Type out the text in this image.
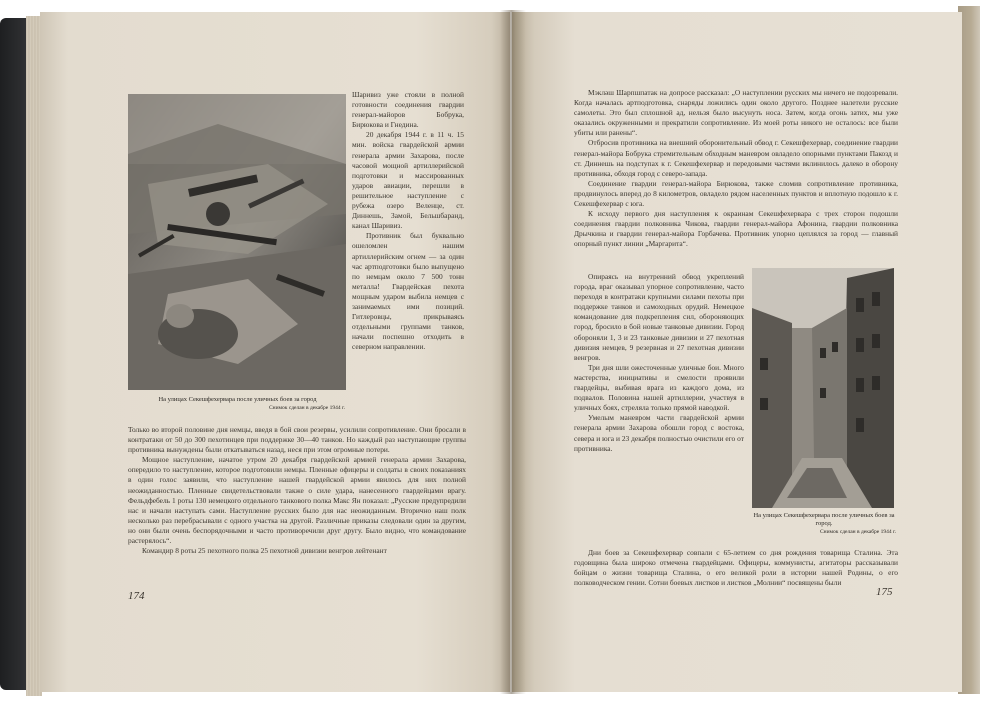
На улицах Секешфехервара после уличных боев за город
Снимок сделан в декабре 1944 г.

Шаривиз уже стояли в полной готовности соединения гвардии генерал-майоров Бобрука, Бирюкова и Гнедина.

20 декабря 1944 г. в 11 ч. 15 мин. войска гвардейской армии генерала армии Захарова, после часовой мощной артиллерийской подготовки и массированных ударов авиации, перешли в решительное наступление с рубежа озеро Веленце, ст. Диннешь, Замой, Бельшбаранд, канал Шаривиз.

Противник был буквально ошеломлен нашим артиллерийским огнем — за один час артподготовки было выпущено по немцам около 7 500 тонн металла! Гвардейская пехота мощным ударом выбила немцев с занимаемых ими позиций. Гитлеровцы, прикрываясь отдельными группами танков, начали поспешно отходить в северном направлении.

Только во второй половине дня немцы, введя в бой свои резервы, усилили сопротивление. Они бросали в контратаки от 50 до 300 пехотинцев при поддержке 30—40 танков. Но каждый раз наступающие группы противника вынуждены были откатываться назад, неся при этом огромные потери.

Мощное наступление, начатое утром 20 декабря гвардейской армией генерала армии Захарова, опередило то наступление, которое подготовили немцы. Пленные офицеры и солдаты в своих показаниях в один голос заявили, что наступление нашей гвардейской армии явилось для них полной неожиданностью. Пленные свидетельствовали также о силе удара, нанесенного гвардейцами врагу. Фельдфебель 1 роты 130 немецкого отдельного танкового полка Макс Ян показал: „Русские предупредили нас и начали наступать сами. Наступление русских было для нас неожиданным. Вторично наш полк несколько раз перебрасывали с одного участка на другой. Различные приказы следовали один за другим, но они были очень беспорядочными и часто противоречили друг другу. Было видно, что командование растерялось“.

Командир 8 роты 25 пехотного полка 25 пехотной дивизии венгров лейтенант

174

Мэкләш Шарпшпатак на допросе рассказал: „О наступлении русских мы ничего не подозревали. Когда началась артподготовка, снаряды ложились один около другого. Позднее налетели русские самолеты. Это был сплошной ад, нельзя было высунуть носа. Затем, когда огонь затих, мы уже оказались окруженными и прекратили сопротивление. Из моей роты никого не осталось: все были убиты или ранены“.

Отбросив противника на внешний оборонительный обвод г. Секешфехервар, соединение гвардии генерал-майора Бобрука стремительным обходным маневром овладело опорными пунктами Пакозд и ст. Диннешь на подступах к г. Секешфехервар и передовыми частями вклинилось далеко в оборону противника, обходя город с северо-запада.

Соединение гвардии генерал-майора Бирюкова, также сломив сопротивление противника, продвинулось вперед до 8 километров, овладело рядом населенных пунктов и вплотную подошло к г. Секешфехервар с юга.

К исходу первого дня наступления к окраинам Секешфехервара с трех сторон подошли соединения гвардии полковника Чикова, гвардии генерал-майора Афонина, гвардии полковника Дрычкина и гвардии генерал-майора Горбачева. Противник упорно цеплялся за город — главный опорный пункт линии „Маргарита“.

На улицах Секешфехервара после уличных боев за город.
Снимок сделан в декабре 1944 г.

Опираясь на внутренний обвод укреплений города, враг оказывал упорное сопротивление, часто переходя в контратаки крупными силами пехоты при поддержке танков и самоходных орудий. Немецкое командование для подкрепления сил, обороняющих город, бросило в бой новые танковые дивизии. Город обороняли 1, 3 и 23 танковые дивизии и 27 пехотная дивизия немцев, 9 резервная и 27 пехотная дивизии венгров.

Три дня шли ожесточенные уличные бои. Много мастерства, инициативы и смелости проявили гвардейцы, выбивая врага из каждого дома, из подвалов. Половина нашей артиллерии, участвуя в уличных боях, стреляла только прямой наводкой.

Умелым маневром части гвардейской армии генерала армии Захарова обошли город с востока, севера и юга и 23 декабря полностью очистили его от противника.

Дни боев за Секешфехервар совпали с 65-летием со дня рождения товарища Сталина. Эта годовщина была широко отмечена гвардейцами. Офицеры, коммунисты, агитаторы рассказывали бойцам о жизни товарища Сталина, о его великой роли в истории нашей Родины, о его полководческом гении. Сотни боевых листков и листков „Молнии“ посвящены были

175
